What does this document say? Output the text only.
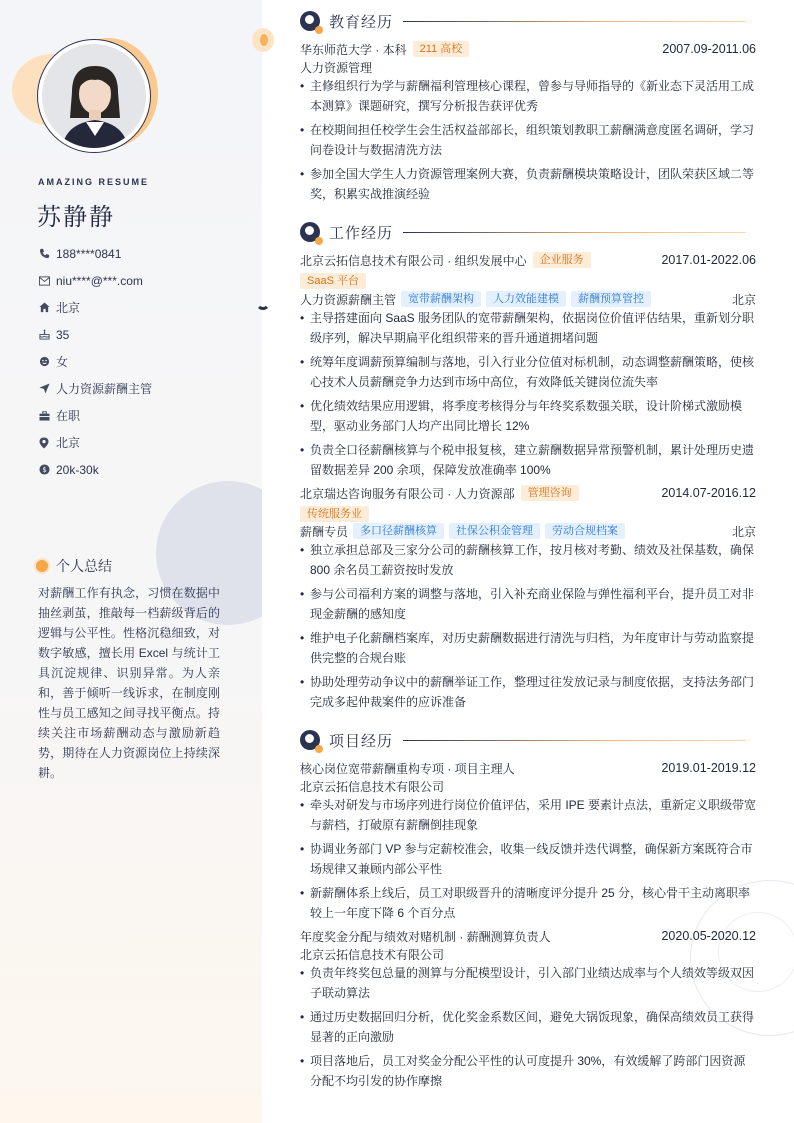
AMAZING RESUME
苏静静
188****0841
niu****@***.com
北京
35
女
人力资源薪酬主管
在职
北京
$ 20k-30k
个人总结
对薪酬工作有执念，习惯在数据中抽丝剥茧，推敲每一档薪级背后的逻辑与公平性。性格沉稳细致，对数字敏感，擅长用 Excel 与统计工具沉淀规律、识别异常。为人亲和，善于倾听一线诉求，在制度刚性与员工感知之间寻找平衡点。持续关注市场薪酬动态与激励新趋势，期待在人力资源岗位上持续深耕。
教育经历
华东师范大学 · 本科	211 高校	2007.09-2011.06
人力资源管理
• 主修组织行为学与薪酬福利管理核心课程，曾参与导师指导的《新业态下灵活用工成本测算》课题研究，撰写分析报告获评优秀
• 在校期间担任校学生会生活权益部部长，组织策划教职工薪酬满意度匿名调研，学习问卷设计与数据清洗方法
• 参加全国大学生人力资源管理案例大赛，负责薪酬模块策略设计，团队荣获区域二等奖，积累实战推演经验
工作经历
北京云拓信息技术有限公司 · 组织发展中心	企业服务	2017.01-2022.06
SaaS 平台
人力资源薪酬主管	宽带薪酬架构	人力效能建模	薪酬预算管控	北京
• 主导搭建面向 SaaS 服务团队的宽带薪酬架构，依据岗位价值评估结果，重新划分职级序列，解决早期扁平化组织带来的晋升通道拥堵问题
• 统筹年度调薪预算编制与落地，引入行业分位值对标机制，动态调整薪酬策略，使核心技术人员薪酬竞争力达到市场中高位，有效降低关键岗位流失率
• 优化绩效结果应用逻辑，将季度考核得分与年终奖系数强关联，设计阶梯式激励模型，驱动业务部门人均产出同比增长 12%
• 负责全口径薪酬核算与个税申报复核，建立薪酬数据异常预警机制，累计处理历史遗留数据差异 200 余项，保障发放准确率 100%
北京瑞达咨询服务有限公司 · 人力资源部	管理咨询	2014.07-2016.12
传统服务业
薪酬专员	多口径薪酬核算	社保公积金管理	劳动合规档案	北京
• 独立承担总部及三家分公司的薪酬核算工作，按月核对考勤、绩效及社保基数，确保 800 余名员工薪资按时发放
• 参与公司福利方案的调整与落地，引入补充商业保险与弹性福利平台，提升员工对非现金薪酬的感知度
• 维护电子化薪酬档案库，对历史薪酬数据进行清洗与归档，为年度审计与劳动监察提供完整的合规台账
• 协助处理劳动争议中的薪酬举证工作，整理过往发放记录与制度依据，支持法务部门完成多起仲裁案件的应诉准备
项目经历
核心岗位宽带薪酬重构专项 · 项目主理人	2019.01-2019.12
北京云拓信息技术有限公司
• 牵头对研发与市场序列进行岗位价值评估，采用 IPE 要素计点法，重新定义职级带宽与薪档，打破原有薪酬倒挂现象
• 协调业务部门 VP 参与定薪校准会，收集一线反馈并迭代调整，确保新方案既符合市场规律又兼顾内部公平性
• 新薪酬体系上线后，员工对职级晋升的清晰度评分提升 25 分，核心骨干主动离职率较上一年度下降 6 个百分点
年度奖金分配与绩效对赌机制 · 薪酬测算负责人	2020.05-2020.12
北京云拓信息技术有限公司
• 负责年终奖包总量的测算与分配模型设计，引入部门业绩达成率与个人绩效等级双因子联动算法
• 通过历史数据回归分析，优化奖金系数区间，避免大锅饭现象，确保高绩效员工获得显著的正向激励
• 项目落地后，员工对奖金分配公平性的认可度提升 30%，有效缓解了跨部门因资源分配不均引发的协作摩擦
